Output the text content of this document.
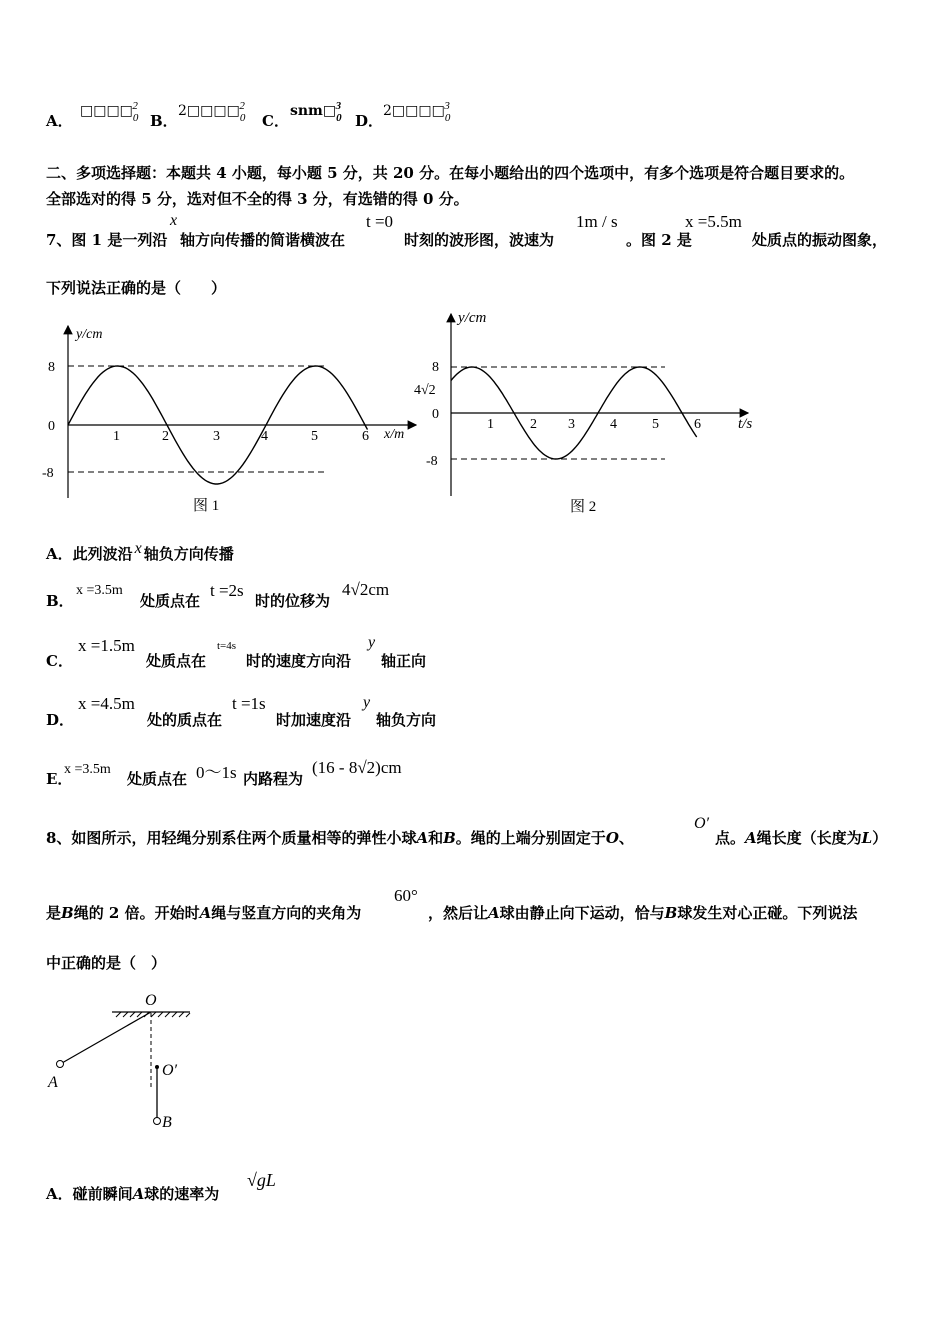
A．
$□□□□_0^2$
B．
$2□□□□_0^2$
C．
$snm□_0^3$
D．
$2□□□□_0^3$
二、多项选择题：本题共 4 小题，每小题 5 分，共 20 分。在每小题给出的四个选项中，有多个选项是符合题目要求的。
全部选对的得 5 分，选对但不全的得 3 分，有选错的得 0 分。
7、图 1 是一列沿
x
轴方向传播的简谐横波在
t =0
时刻的波形图，波速为
1m / s
。图 2 是
x =5.5m
处质点的振动图象，
下列说法正确的是（　　）
y/cm
x/m
8
0
-8
1	2	3	4	5	6
图 1
y/cm
t/s
8
4√2
0
-8
1	2 3	4	5	6
图 2
A．此列波沿 x 轴负方向传播
B．
x =3.5m
处质点在
t =2s
时的位移为
4√2cm
C．
x =1.5m
处质点在
t=4s
时的速度方向沿
y
轴正向
D．
x =4.5m
处的质点在
t =1s
时加速度沿
y
轴负方向
E．
x =3.5m
处质点在 0～1s 内路程为
(16 - 8√2)cm
8、如图所示，用轻绳分别系住两个质量相等的弹性小球A和B。绳的上端分别固定于O、
O′
点。A绳长度（长度为L）
是B绳的 2 倍。开始时A绳与竖直方向的夹角为
60°
，然后让A球由静止向下运动，恰与B球发生对心正碰。下列说法
中正确的是（　）
O
A
O′
B
A．碰前瞬间A球的速率为
√gL
